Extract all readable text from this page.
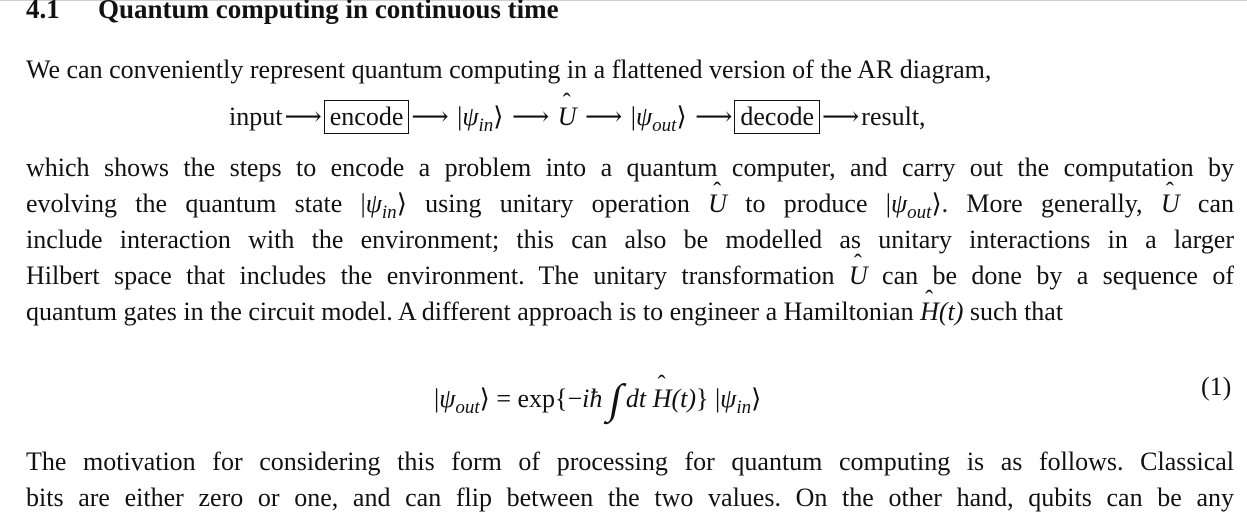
4.1 Quantum computing in continuous time
We can conveniently represent quantum computing in a flattened version of the AR diagram,
input⟶ encode ⟶ $|\psi_{in}⟩$ ⟶ ˆ U ⟶ $|\psi_{out}⟩$ ⟶ decode ⟶result,
which shows the steps to encode a problem into a quantum computer, and carry out the computation by
evolving the quantum state $|\psi_{in}⟩$ using unitary operation ˆ U to produce $|\psi_{out}⟩$. More generally, ˆ U can
include interaction with the environment; this can also be modelled as unitary interactions in a larger
Hilbert space that includes the environment. The unitary transformation ˆ U can be done by a sequence of
quantum gates in the circuit model. A different approach is to engineer a Hamiltonian ˆ H(t) such that
$|\psi_{out}⟩$ = exp{−iħ∫dt ˆ H(t)} $|\psi_{in}⟩$	(1)
The motivation for considering this form of processing for quantum computing is as follows. Classical
bits are either zero or one, and can flip between the two values. On the other hand, qubits can be any
